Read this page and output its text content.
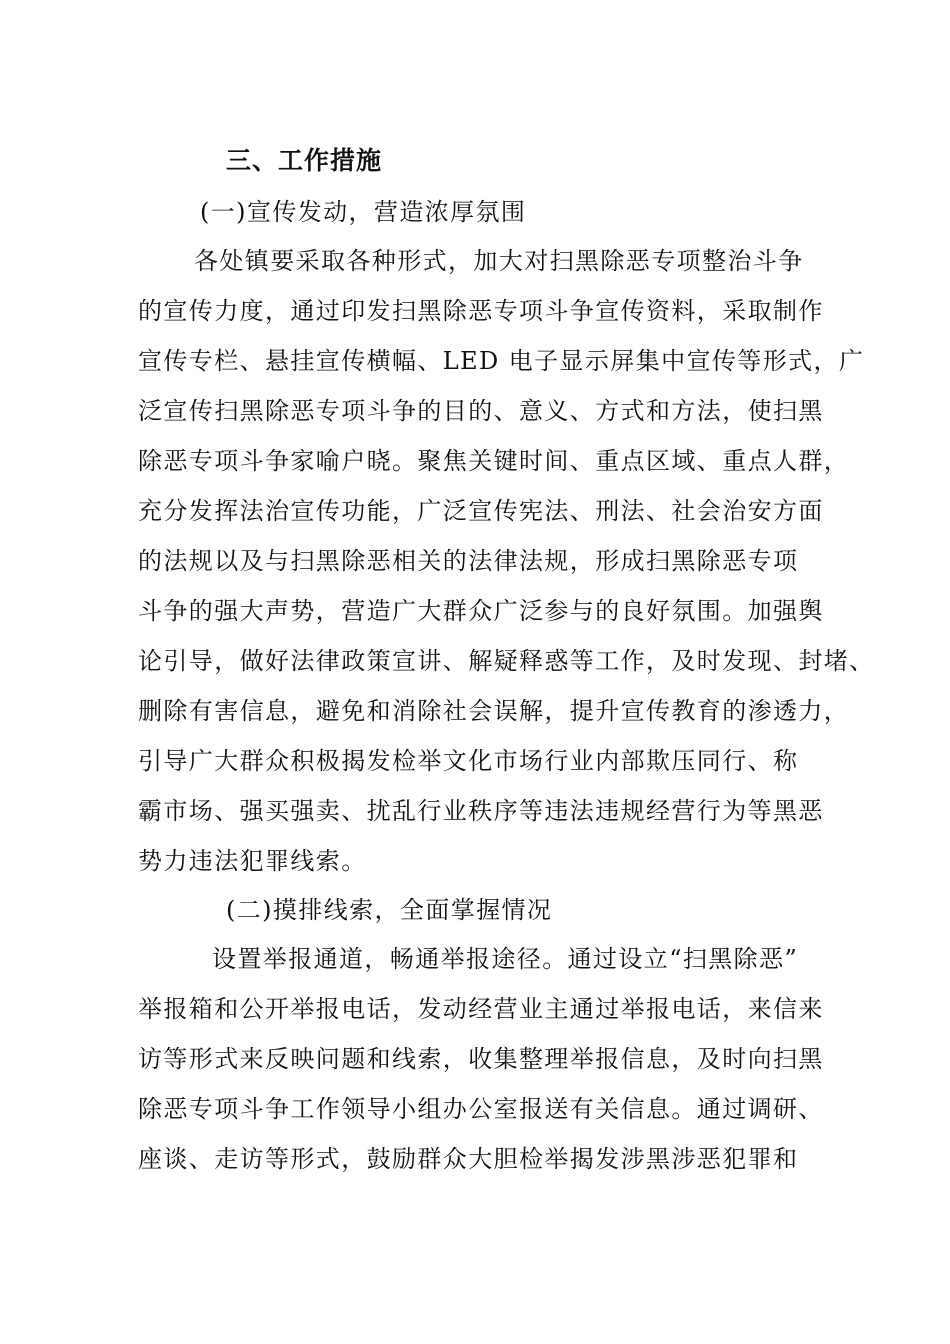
三、工作措施
(一)宣传发动，营造浓厚氛围
各处镇要采取各种形式，加大对扫黑除恶专项整治斗争
的宣传力度，通过印发扫黑除恶专项斗争宣传资料，采取制作
宣传专栏、悬挂宣传横幅、LED 电子显示屏集中宣传等形式，广
泛宣传扫黑除恶专项斗争的目的、意义、方式和方法，使扫黑
除恶专项斗争家喻户晓。聚焦关键时间、重点区域、重点人群，
充分发挥法治宣传功能，广泛宣传宪法、刑法、社会治安方面
的法规以及与扫黑除恶相关的法律法规，形成扫黑除恶专项
斗争的强大声势，营造广大群众广泛参与的良好氛围。加强舆
论引导，做好法律政策宣讲、解疑释惑等工作，及时发现、封堵、
删除有害信息，避免和消除社会误解，提升宣传教育的渗透力，
引导广大群众积极揭发检举文化市场行业内部欺压同行、称
霸市场、强买强卖、扰乱行业秩序等违法违规经营行为等黑恶
势力违法犯罪线索。
(二)摸排线索，全面掌握情况
设置举报通道，畅通举报途径。通过设立“扫黑除恶”
举报箱和公开举报电话，发动经营业主通过举报电话，来信来
访等形式来反映问题和线索，收集整理举报信息，及时向扫黑
除恶专项斗争工作领导小组办公室报送有关信息。通过调研、
座谈、走访等形式，鼓励群众大胆检举揭发涉黑涉恶犯罪和
